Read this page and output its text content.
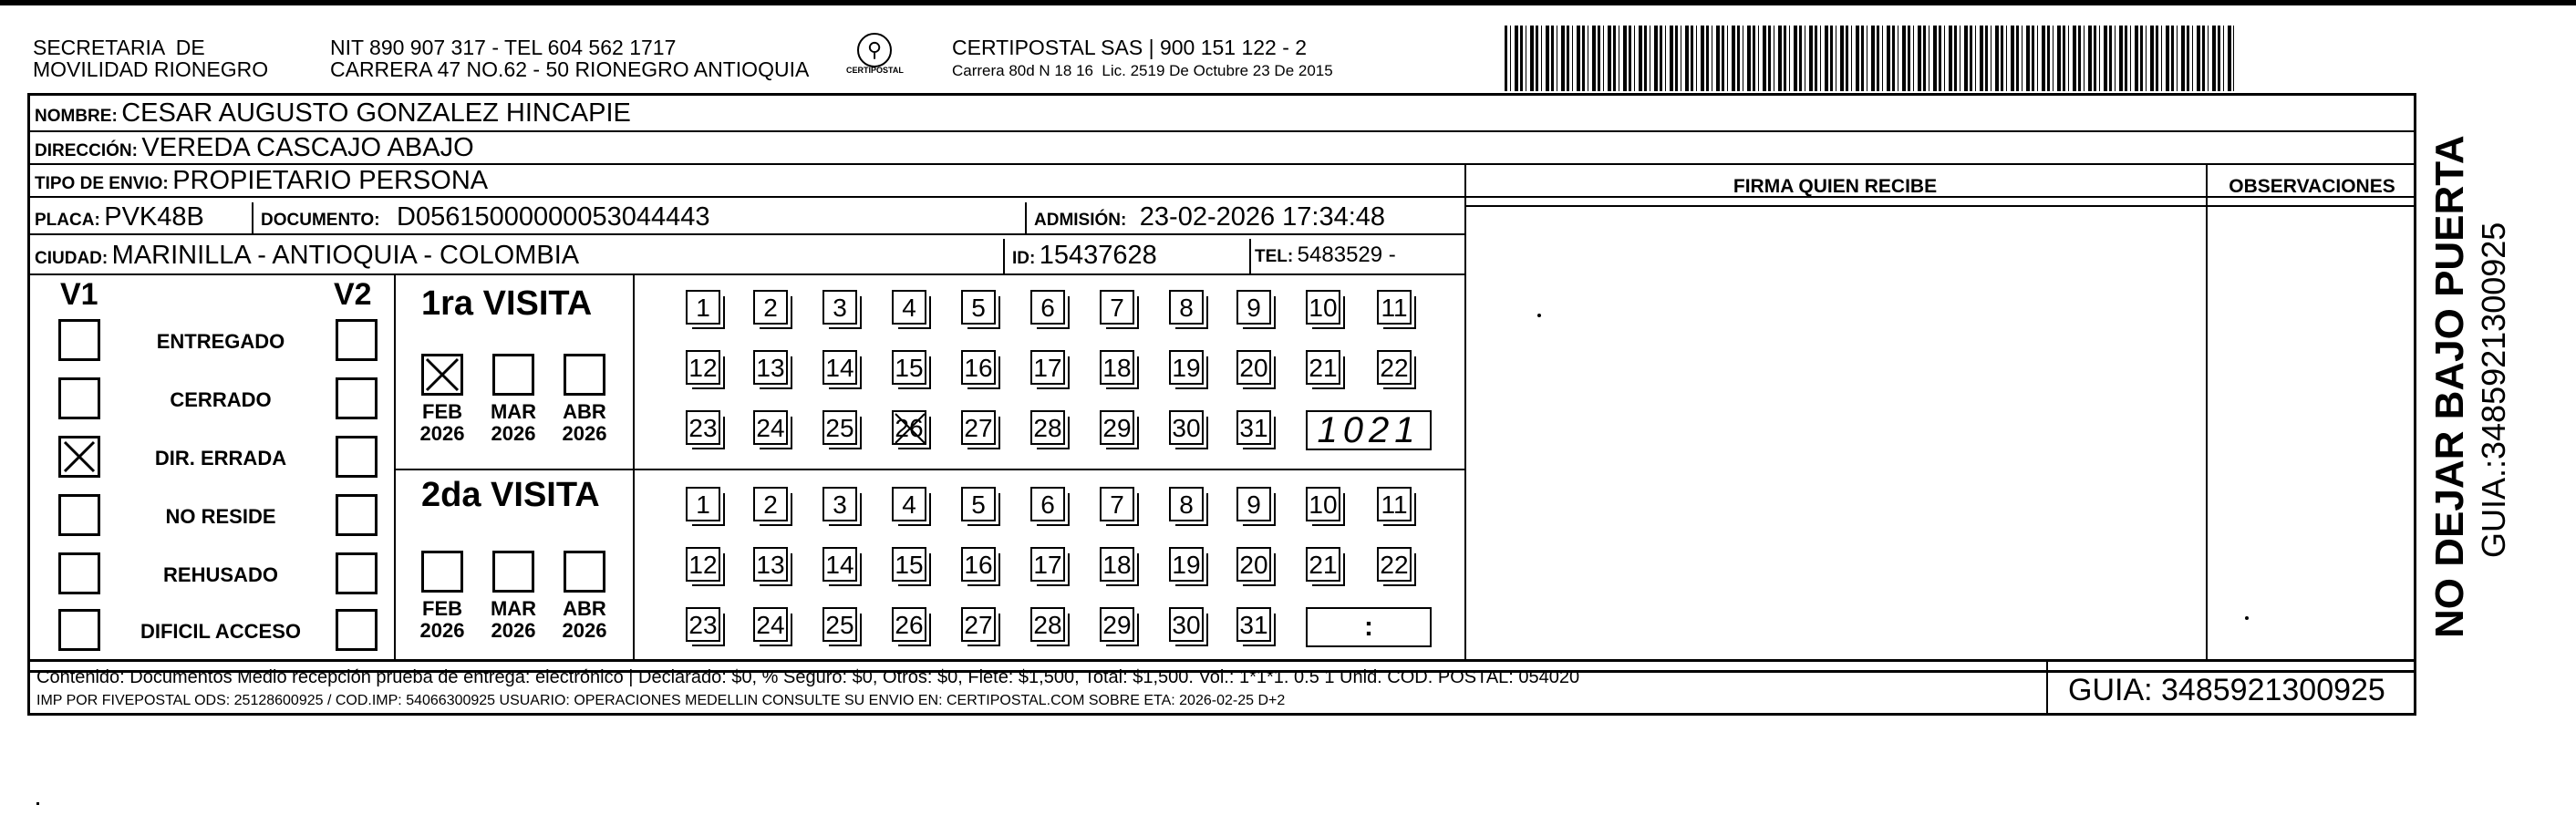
SECRETARIA  DE
MOVILIDAD RIONEGRO
NIT 890 907 317 - TEL 604 562 1717
CARRERA 47 NO.62 - 50 RIONEGRO ANTIOQUIA
⚲
CERTIPOSTAL
CERTIPOSTAL SAS | 900 151 122 - 2
Carrera 80d N 18 16  Lic. 2519 De Octubre 23 De 2015
NOMBRE: CESAR AUGUSTO GONZALEZ HINCAPIE
DIRECCIÓN: VEREDA CASCAJO ABAJO
TIPO DE ENVIO: PROPIETARIO PERSONA
PLACA: PVK48B	DOCUMENTO: D05615000000053044443	ADMISIÓN: 23-02-2026 17:34:48
CIUDAD: MARINILLA - ANTIOQUIA - COLOMBIA	ID: 15437628	TEL: 5483529 -
FIRMA QUIEN RECIBE	OBSERVACIONES
V1	V2
ENTREGADO
CERRADO
DIR. ERRADA
NO RESIDE
REHUSADO
DIFICIL ACCESO
1ra VISITA
2da VISITA
FEB
2026
MAR
2026
ABR
2026
1	2	3	4	5	6	7	8	9	10 11
12 13 14 15 16 17 18 19 20 21 22
23 24 25 26 27 28 29 30 31	1021
FEB
2026
MAR
2026
ABR
2026
1	2	3	4	5	6	7	8	9	10 11
12 13 14 15 16 17 18 19 20 21 22
23 24 25 26 27 28 29 30 31	:
Contenido: Documentos Medio recepción prueba de entrega: electrónico | Declarado: $0, % Seguro: $0, Otros: $0, Flete: $1,500, Total: $1,500. Vol.: 1*1*1. 0.5 1 Unid. COD. POSTAL: 054020
IMP POR FIVEPOSTAL ODS: 25128600925 / COD.IMP: 54066300925 USUARIO: OPERACIONES MEDELLIN CONSULTE SU ENVIO EN: CERTIPOSTAL.COM SOBRE ETA: 2026-02-25 D+2	GUIA: 3485921300925
NO DEJAR BAJO PUERTA GUIA.:3485921300925
